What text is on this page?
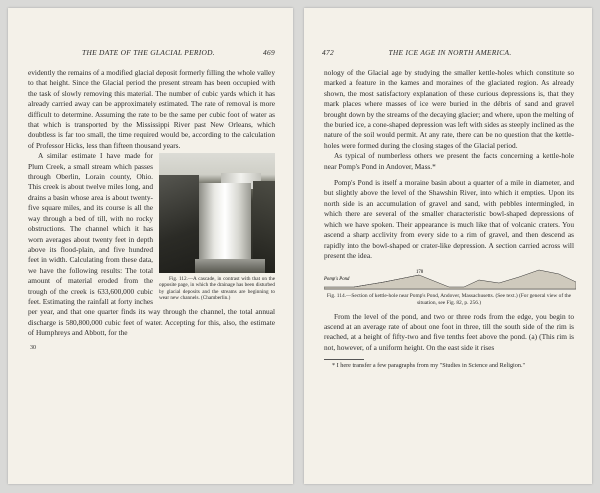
THE DATE OF THE GLACIAL PERIOD.	469

evidently the remains of a modified glacial deposit formerly filling the whole valley to that height. Since the Glacial period the present stream has been occupied with the task of slowly removing this material. The number of cubic yards which it has already carried away can be approximately estimated. The rate of removal is more difficult to determine. Assuming the rate to be the same per cubic foot of water as that which is transported by the Mississippi River past New Orleans, which doubtless is far too small, the time required would be, according to the calculation of Professor Hicks, less than fifteen thousand years.

Fig. 112.—A cascade, in contrast with that on the opposite page, in which the drainage has been disturbed by glacial deposits and the streams are beginning to wear new channels. (Chamberlin.)
A similar estimate I have made for Plum Creek, a small stream which passes through Oberlin, Lorain county, Ohio. This creek is about twelve miles long, and drains a basin whose area is about twenty-five square miles, and its course is all the way through a bed of till, with no rocky obstructions. The channel which it has worn averages about twenty feet in depth above its flood-plain, and five hundred feet in width. Calculating from these data, we have the following results: The total amount of material eroded from the trough of the creek is 633,600,000 cubic feet. Estimating the rainfall at forty inches per year, and that one quarter finds its way through the channel, the total annual discharge is 580,800,000 cubic feet of water. Accepting for this, also, the estimate of Humphreys and Abbott, for the

30
472	THE ICE AGE IN NORTH AMERICA.

nology of the Glacial age by studying the smaller kettle-holes which constitute so marked a feature in the kames and moraines of the glaciated region. As already shown, the most satisfactory explanation of these curious depressions is, that they mark places where masses of ice were buried in the débris of sand and gravel brought down by the streams of the decaying glacier; and where, upon the melting of the buried ice, a cone-shaped depression was left with sides as steeply inclined as the nature of the soil would permit. At any rate, there can be no question that the kettle-holes were formed during the closing stages of the Glacial period.

As typical of numberless others we present the facts concerning a kettle-hole near Pomp's Pond in Andover, Mass.*

Pomp's Pond is itself a moraine basin about a quarter of a mile in diameter, and but slightly above the level of the Shawshin River, into which it empties. Upon its north side is an accumulation of gravel and sand, with pebbles intermingled, in which there are several of the smaller characteristic bowl-shaped depressions of which we have spoken. Their appearance is much like that of volcanic craters. You ascend a sharp acclivity from every side to a rim of gravel, and then descend as rapidly into the bowl-shaped or crater-like depression. A section carried across will present the idea.

Pomp's Pond
178
Fig. 114.—Section of kettle-hole near Pomp's Pond, Andover, Massachusetts. (See text.) (For general view of the situation, see Fig. 82, p. 256.)

From the level of the pond, and two or three rods from the edge, you begin to ascend at an average rate of about one foot in three, till the south side of the rim is reached, at a height of fifty-two and five tenths feet above the pond. (a) (This rim is not, however, of a uniform height. On the east side it rises

* I here transfer a few paragraphs from my "Studies in Science and Religion."
